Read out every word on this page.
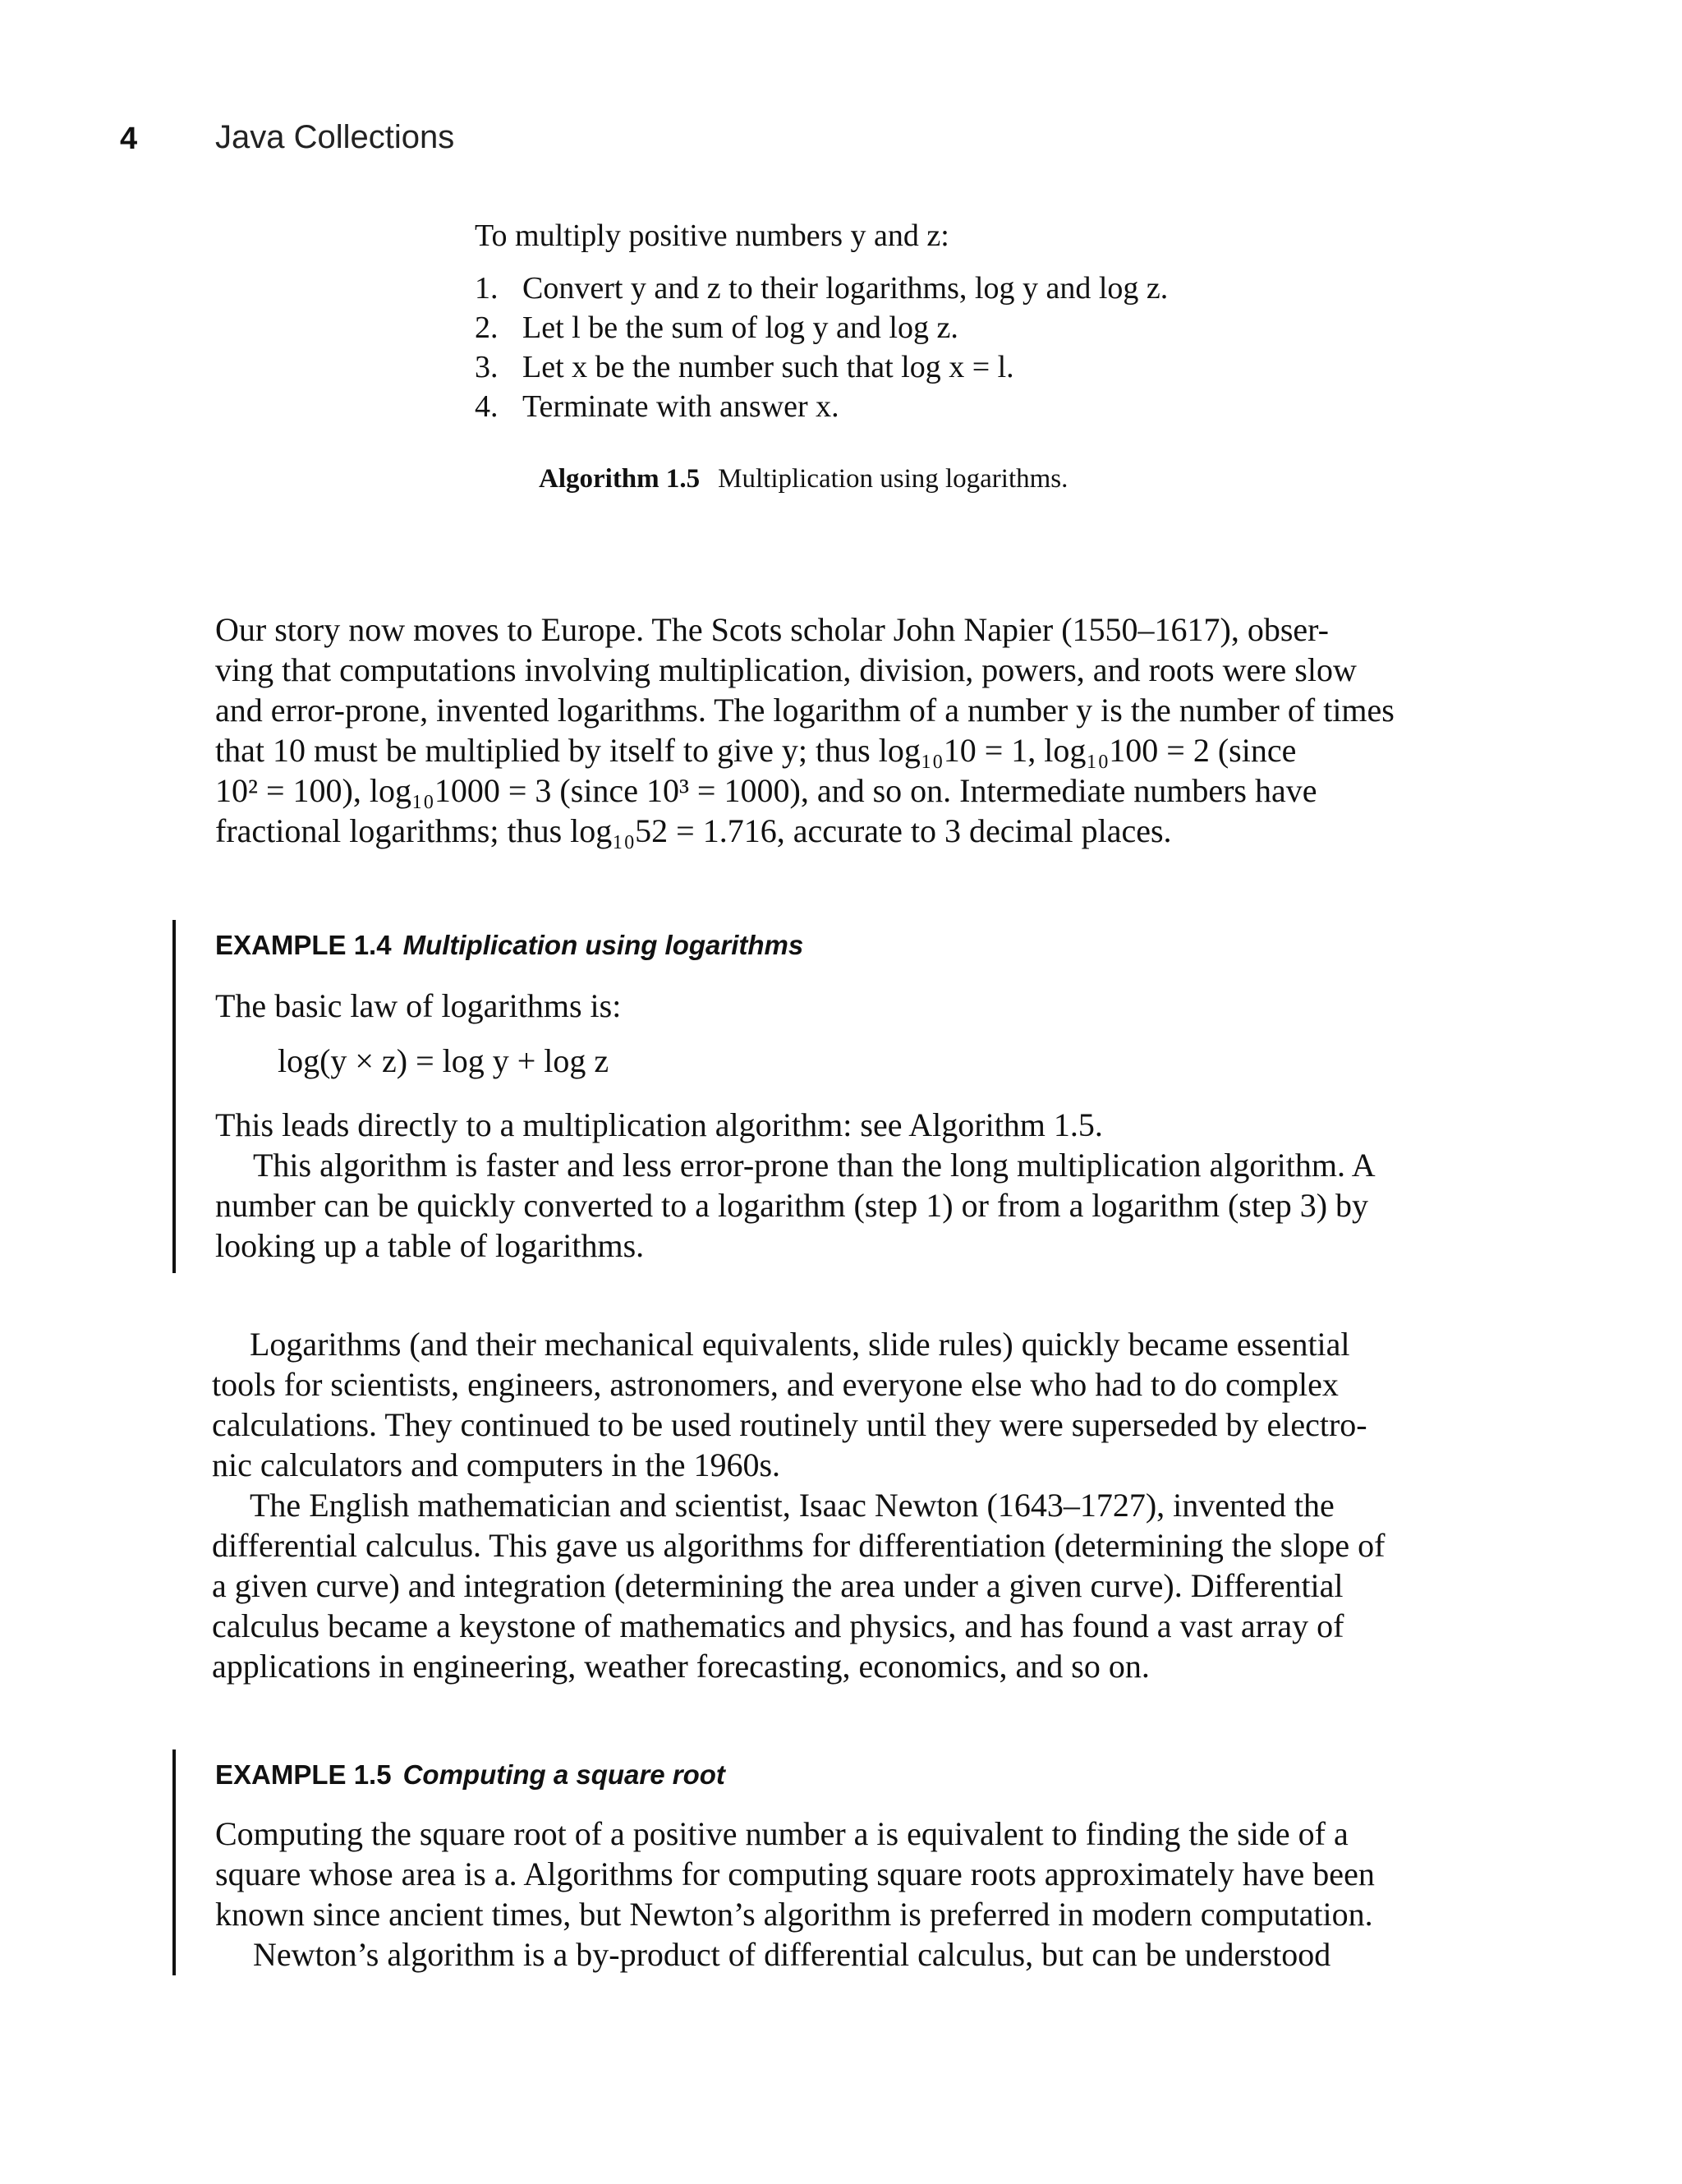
4 Java Collections

To multiply positive numbers y and z:

1. Convert y and z to their logarithms, log y and log z.
2. Let l be the sum of log y and log z.
3. Let x be the number such that log x = l.
4. Terminate with answer x.
Algorithm 1.5 Multiplication using logarithms.
Our story now moves to Europe. The Scots scholar John Napier (1550–1617), obser-
ving that computations involving multiplication, division, powers, and roots were slow
and error-prone, invented logarithms. The logarithm of a number y is the number of times
that 10 must be multiplied by itself to give y; thus log₁₀10 = 1, log₁₀100 = 2 (since
10² = 100), log₁₀1000 = 3 (since 10³ = 1000), and so on. Intermediate numbers have
fractional logarithms; thus log₁₀52 = 1.716, accurate to 3 decimal places.
EXAMPLE 1.4 Multiplication using logarithms
The basic law of logarithms is:
log(y × z) = log y + log z
This leads directly to a multiplication algorithm: see Algorithm 1.5.
This algorithm is faster and less error-prone than the long multiplication algorithm. A
number can be quickly converted to a logarithm (step 1) or from a logarithm (step 3) by
looking up a table of logarithms.
Logarithms (and their mechanical equivalents, slide rules) quickly became essential
tools for scientists, engineers, astronomers, and everyone else who had to do complex
calculations. They continued to be used routinely until they were superseded by electro-
nic calculators and computers in the 1960s.
The English mathematician and scientist, Isaac Newton (1643–1727), invented the
differential calculus. This gave us algorithms for differentiation (determining the slope of
a given curve) and integration (determining the area under a given curve). Differential
calculus became a keystone of mathematics and physics, and has found a vast array of
applications in engineering, weather forecasting, economics, and so on.
EXAMPLE 1.5 Computing a square root
Computing the square root of a positive number a is equivalent to finding the side of a
square whose area is a. Algorithms for computing square roots approximately have been
known since ancient times, but Newton’s algorithm is preferred in modern computation.
Newton’s algorithm is a by-product of differential calculus, but can be understood
